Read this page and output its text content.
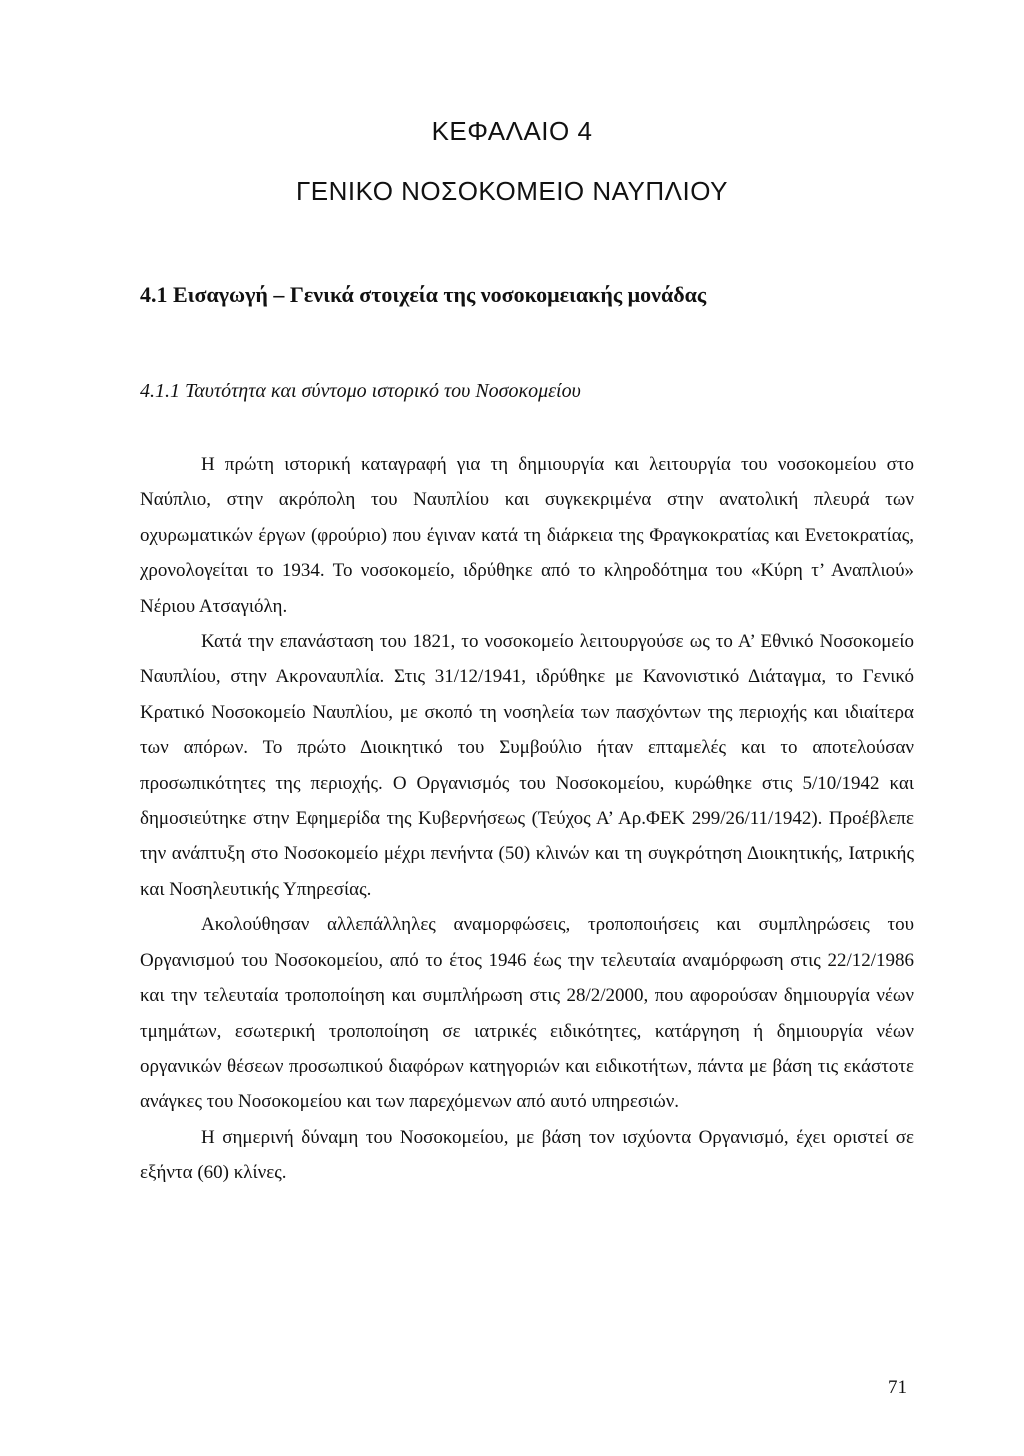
ΚΕΦΑΛΑΙΟ 4
ΓΕΝΙΚΟ ΝΟΣΟΚΟΜΕΙΟ ΝΑΥΠΛΙΟΥ
4.1 Εισαγωγή – Γενικά στοιχεία της νοσοκομειακής μονάδας
4.1.1 Ταυτότητα και σύντομο ιστορικό του Νοσοκομείου

Η πρώτη ιστορική καταγραφή για τη δημιουργία και λειτουργία του νοσοκομείου στο Ναύπλιο, στην ακρόπολη του Ναυπλίου και συγκεκριμένα στην ανατολική πλευρά των οχυρωματικών έργων (φρούριο) που έγιναν κατά τη διάρκεια της Φραγκοκρατίας και Ενετοκρατίας, χρονολογείται το 1934. Το νοσοκομείο, ιδρύθηκε από το κληροδότημα του «Κύρη τ’ Αναπλιού» Νέριου Ατσαγιόλη.

Κατά την επανάσταση του 1821, το νοσοκομείο λειτουργούσε ως το Α’ Εθνικό Νοσοκομείο Ναυπλίου, στην Ακροναυπλία. Στις 31/12/1941, ιδρύθηκε με Κανονιστικό Διάταγμα, το Γενικό Κρατικό Νοσοκομείο Ναυπλίου, με σκοπό τη νοσηλεία των πασχόντων της περιοχής και ιδιαίτερα των απόρων. Το πρώτο Διοικητικό του Συμβούλιο ήταν επταμελές και το αποτελούσαν προσωπικότητες της περιοχής. Ο Οργανισμός του Νοσοκομείου, κυρώθηκε στις 5/10/1942 και δημοσιεύτηκε στην Εφημερίδα της Κυβερνήσεως (Τεύχος Α’ Αρ.ΦΕΚ 299/26/11/1942). Προέβλεπε την ανάπτυξη στο Νοσοκομείο μέχρι πενήντα (50) κλινών και τη συγκρότηση Διοικητικής, Ιατρικής και Νοσηλευτικής Υπηρεσίας.

Ακολούθησαν αλλεπάλληλες αναμορφώσεις, τροποποιήσεις και συμπληρώσεις του Οργανισμού του Νοσοκομείου, από το έτος 1946 έως την τελευταία αναμόρφωση στις 22/12/1986 και την τελευταία τροποποίηση και συμπλήρωση στις 28/2/2000, που αφορούσαν δημιουργία νέων τμημάτων, εσωτερική τροποποίηση σε ιατρικές ειδικότητες, κατάργηση ή δημιουργία νέων οργανικών θέσεων προσωπικού διαφόρων κατηγοριών και ειδικοτήτων, πάντα με βάση τις εκάστοτε ανάγκες του Νοσοκομείου και των παρεχόμενων από αυτό υπηρεσιών.

Η σημερινή δύναμη του Νοσοκομείου, με βάση τον ισχύοντα Οργανισμό, έχει οριστεί σε εξήντα (60) κλίνες.

71
